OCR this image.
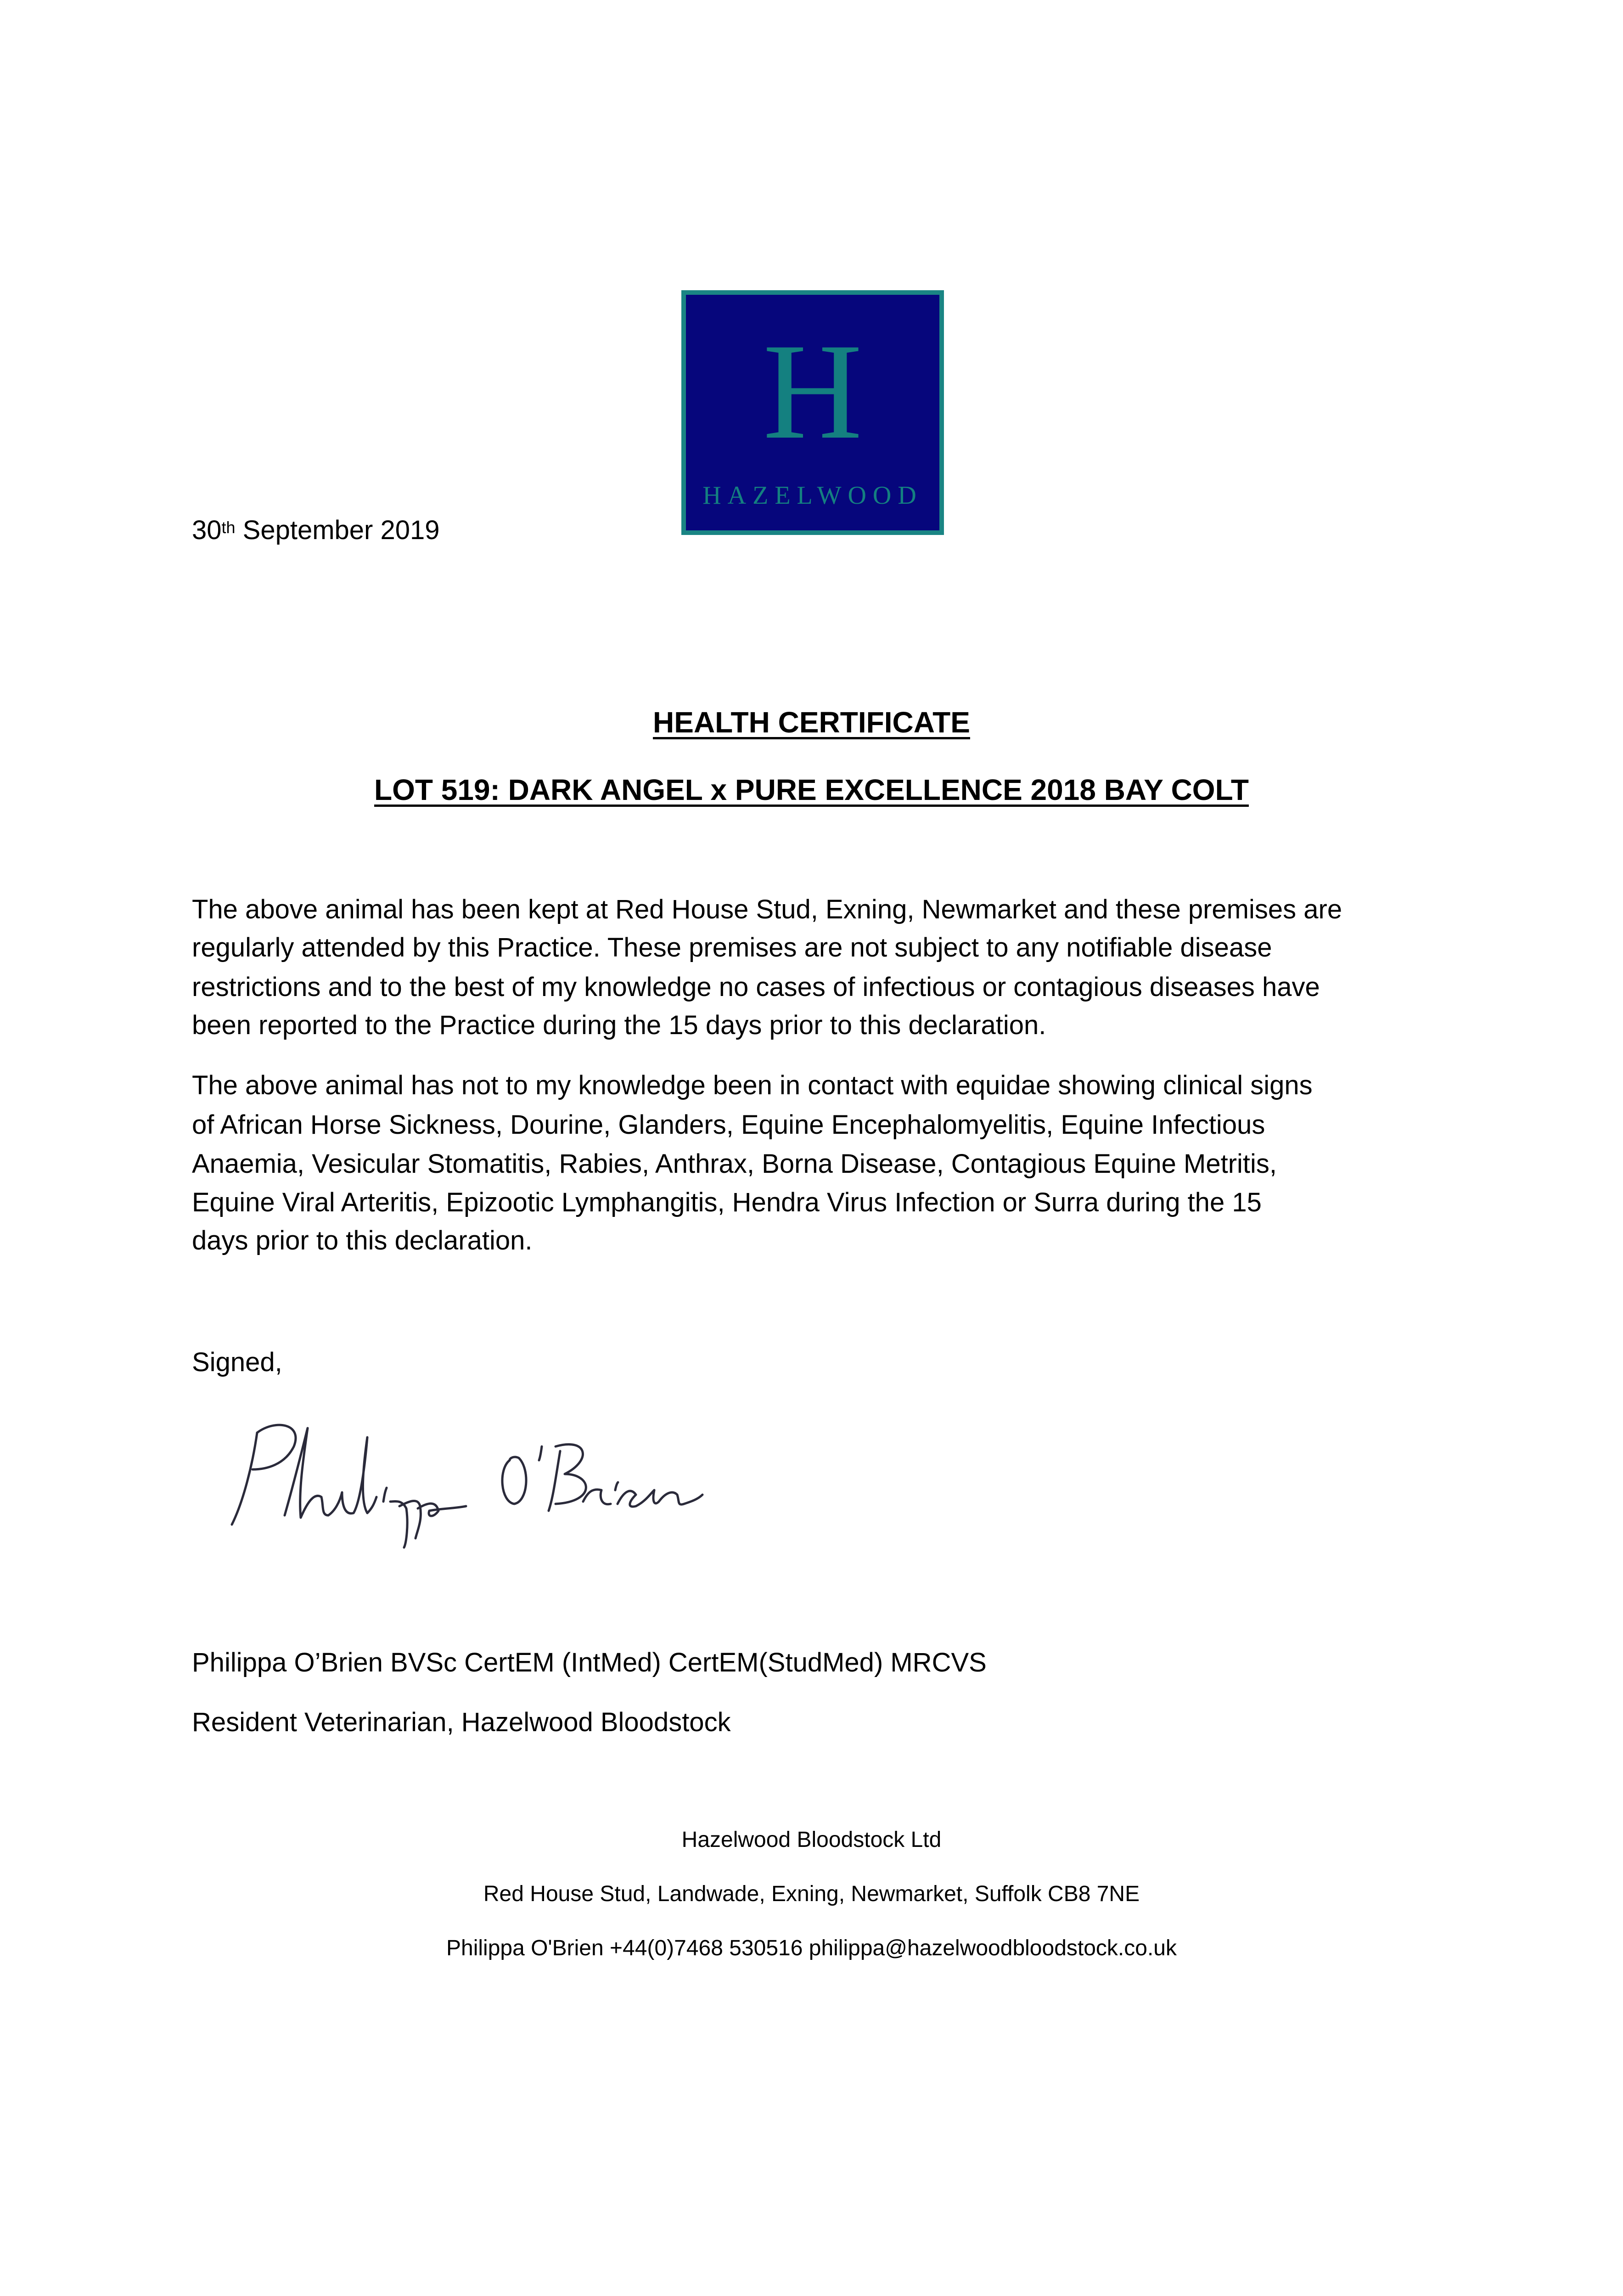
H
HAZELWOOD
30th September 2019
HEALTH CERTIFICATE
LOT 519: DARK ANGEL x PURE EXCELLENCE 2018 BAY COLT
The above animal has been kept at Red House Stud, Exning, Newmarket and these premises are
regularly attended by this Practice. These premises are not subject to any notifiable disease
restrictions and to the best of my knowledge no cases of infectious or contagious diseases have
been reported to the Practice during the 15 days prior to this declaration.
The above animal has not to my knowledge been in contact with equidae showing clinical signs
of African Horse Sickness, Dourine, Glanders, Equine Encephalomyelitis, Equine Infectious
Anaemia, Vesicular Stomatitis, Rabies, Anthrax, Borna Disease, Contagious Equine Metritis,
Equine Viral Arteritis, Epizootic Lymphangitis, Hendra Virus Infection or Surra during the 15
days prior to this declaration.
Signed,
Philippa O’Brien BVSc CertEM (IntMed) CertEM(StudMed) MRCVS
Resident Veterinarian, Hazelwood Bloodstock
Hazelwood Bloodstock Ltd
Red House Stud, Landwade, Exning, Newmarket, Suffolk CB8 7NE
Philippa O'Brien +44(0)7468 530516 philippa@hazelwoodbloodstock.co.uk
